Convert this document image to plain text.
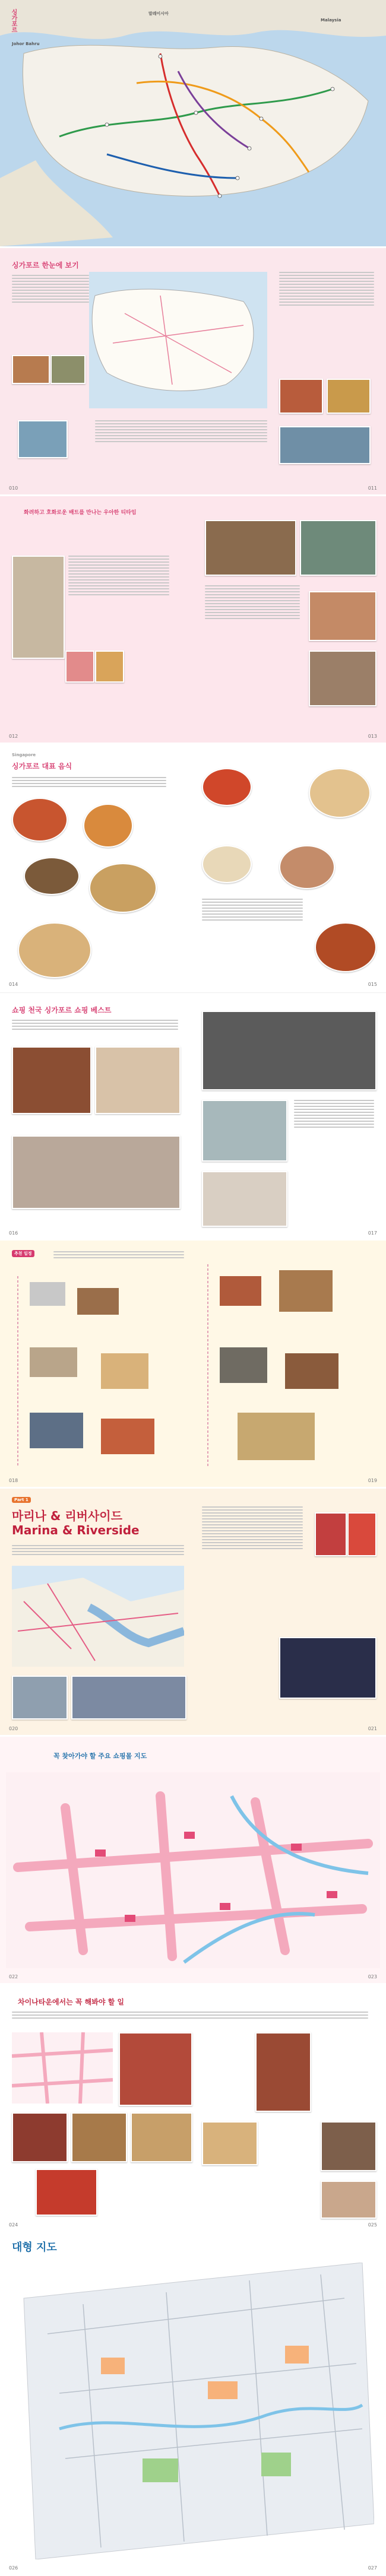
싱가포르	말레이시아
Malaysia
Johor Bahru
싱가포르 한눈에 보기
010	011
화려하고 호화로운 배트를 만나는 우아한 티타임
012	013
Singapore
싱가포르 대표 음식
014	015
쇼핑 천국 싱가포르 쇼핑 베스트
016	017
추천 일정
018	019
Part 1
마리나 & 리버사이드
Marina & Riverside
020	021
꼭 찾아가야 할 주요 쇼핑몰 지도
022	023
차이나타운에서는 꼭 해봐야 할 일
024	025
대형 지도
026	027
